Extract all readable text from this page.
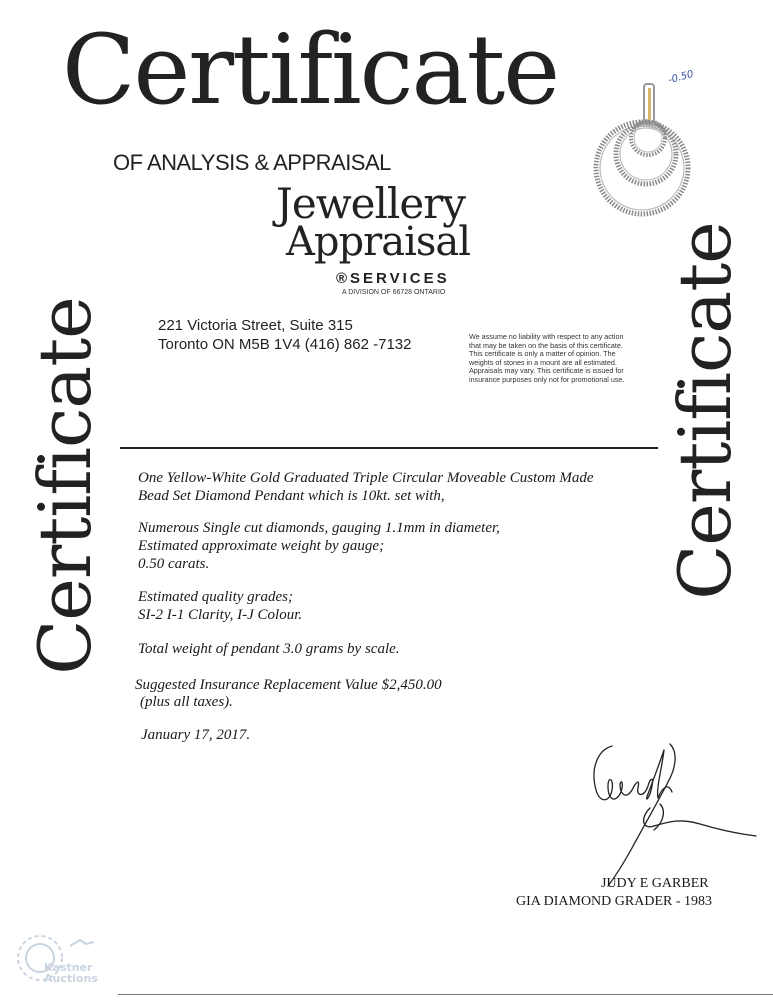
Certificate
OF ANALYSIS & APPRAISAL
Jewellery
Appraisal
®SERVICES
A DIVISION OF 66728 ONTARIO
-0.50
221 Victoria Street, Suite 315
Toronto ON M5B 1V4 (416) 862 -7132	We assume no liability with respect to any action that may be taken on the basis of this certificate. This certificate is only a matter of opinion. The weights of stones in a mount are all estimated. Appraisals may vary. This certificate is issued for insurance purposes only not for promotional use.
Certificate	Certificate
One Yellow-White Gold Graduated Triple Circular Moveable Custom Made
Bead Set Diamond Pendant which is 10kt. set with,
Numerous Single cut diamonds, gauging 1.1mm in diameter,
Estimated approximate weight by gauge;
0.50 carats.
Estimated quality grades;
SI-2 I-1 Clarity, I-J Colour.
Total weight of pendant 3.0 grams by scale.
Suggested Insurance Replacement Value $2,450.00
(plus all taxes).
January 17, 2017.
JUDY E GARBER
GIA DIAMOND GRADER - 1983
Kastner Auctions
